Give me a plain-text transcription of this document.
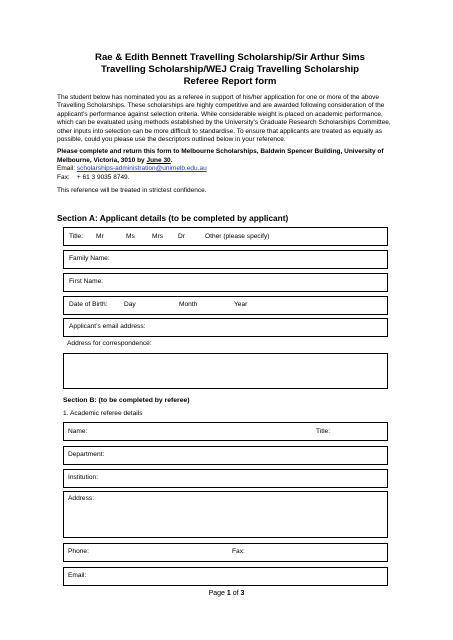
Rae & Edith Bennett Travelling Scholarship/Sir Arthur Sims
Travelling Scholarship/WEJ Craig Travelling Scholarship
Referee Report form

The student below has nominated you as a referee in support of his/her application for one or more of the above Travelling Scholarships. These scholarships are highly competitive and are awarded following consideration of the applicant’s performance against selection criteria. While considerable weight is placed on academic performance, which can be evaluated using methods established by the University’s Graduate Research Scholarships Committee, other inputs into selection can be more difficult to standardise. To ensure that applicants are treated as equally as possible, could you please use the descriptors outlined below in your reference.

Please complete and return this form to Melbourne Scholarships, Baldwin Spencer Building, University of Melbourne, Victoria, 3010 by June 30.

Email: scholarships-administration@unimelb.edu.au

Fax: + 61 3 9035 8749.

This reference will be treated in strictest confidence.

Section A: Applicant details (to be completed by applicant)
Title: Mr	Ms	Mrs Dr	Other (please specify)
Family Name:
First Name:
Date of Birth:	Day	Month	Year
Applicant’s email address:
Address for correspondence:
Section B: (to be completed by referee)
1. Academic referee details
Name:	Title:
Department:
Institution:
Address:
Phone:	Fax:
Email:
Page 1 of 3
